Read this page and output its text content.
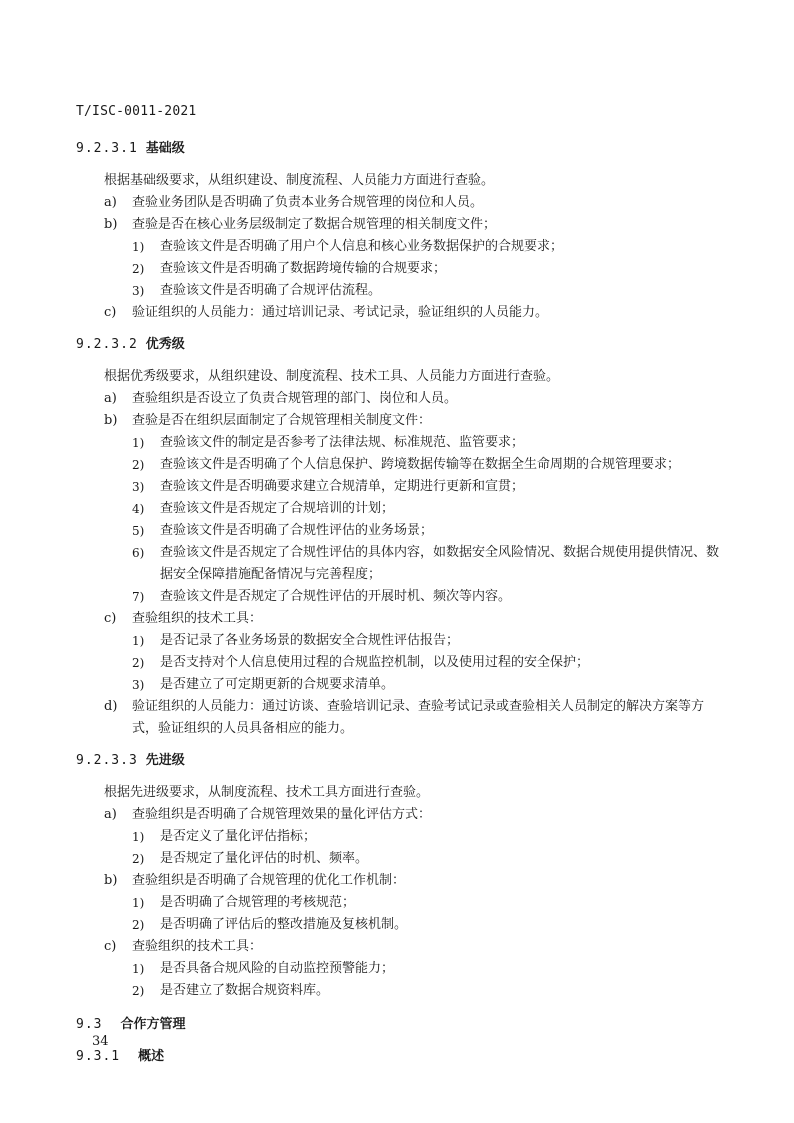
T/ISC-0011-2021
9.2.3.1 基础级
根据基础级要求，从组织建设、制度流程、人员能力方面进行查验。
a) 查验业务团队是否明确了负责本业务合规管理的岗位和人员。
b) 查验是否在核心业务层级制定了数据合规管理的相关制度文件；
1) 查验该文件是否明确了用户个人信息和核心业务数据保护的合规要求；
2) 查验该文件是否明确了数据跨境传输的合规要求；
3) 查验该文件是否明确了合规评估流程。
c) 验证组织的人员能力：通过培训记录、考试记录，验证组织的人员能力。
9.2.3.2 优秀级
根据优秀级要求，从组织建设、制度流程、技术工具、人员能力方面进行查验。
a) 查验组织是否设立了负责合规管理的部门、岗位和人员。
b) 查验是否在组织层面制定了合规管理相关制度文件：
1) 查验该文件的制定是否参考了法律法规、标准规范、监管要求；
2) 查验该文件是否明确了个人信息保护、跨境数据传输等在数据全生命周期的合规管理要求；
3) 查验该文件是否明确要求建立合规清单，定期进行更新和宣贯；
4) 查验该文件是否规定了合规培训的计划；
5) 查验该文件是否明确了合规性评估的业务场景；
6) 查验该文件是否规定了合规性评估的具体内容，如数据安全风险情况、数据合规使用提供情况、数据安全保障措施配备情况与完善程度；
7) 查验该文件是否规定了合规性评估的开展时机、频次等内容。
c) 查验组织的技术工具：
1) 是否记录了各业务场景的数据安全合规性评估报告；
2) 是否支持对个人信息使用过程的合规监控机制，以及使用过程的安全保护；
3) 是否建立了可定期更新的合规要求清单。
d) 验证组织的人员能力：通过访谈、查验培训记录、查验考试记录或查验相关人员制定的解决方案等方式，验证组织的人员具备相应的能力。
9.2.3.3 先进级
根据先进级要求，从制度流程、技术工具方面进行查验。
a) 查验组织是否明确了合规管理效果的量化评估方式：
1) 是否定义了量化评估指标；
2) 是否规定了量化评估的时机、频率。
b) 查验组织是否明确了合规管理的优化工作机制：
1) 是否明确了合规管理的考核规范；
2) 是否明确了评估后的整改措施及复核机制。
c) 查验组织的技术工具：
1) 是否具备合规风险的自动监控预警能力；
2) 是否建立了数据合规资料库。
9.3 合作方管理
9.3.1 概述
34
